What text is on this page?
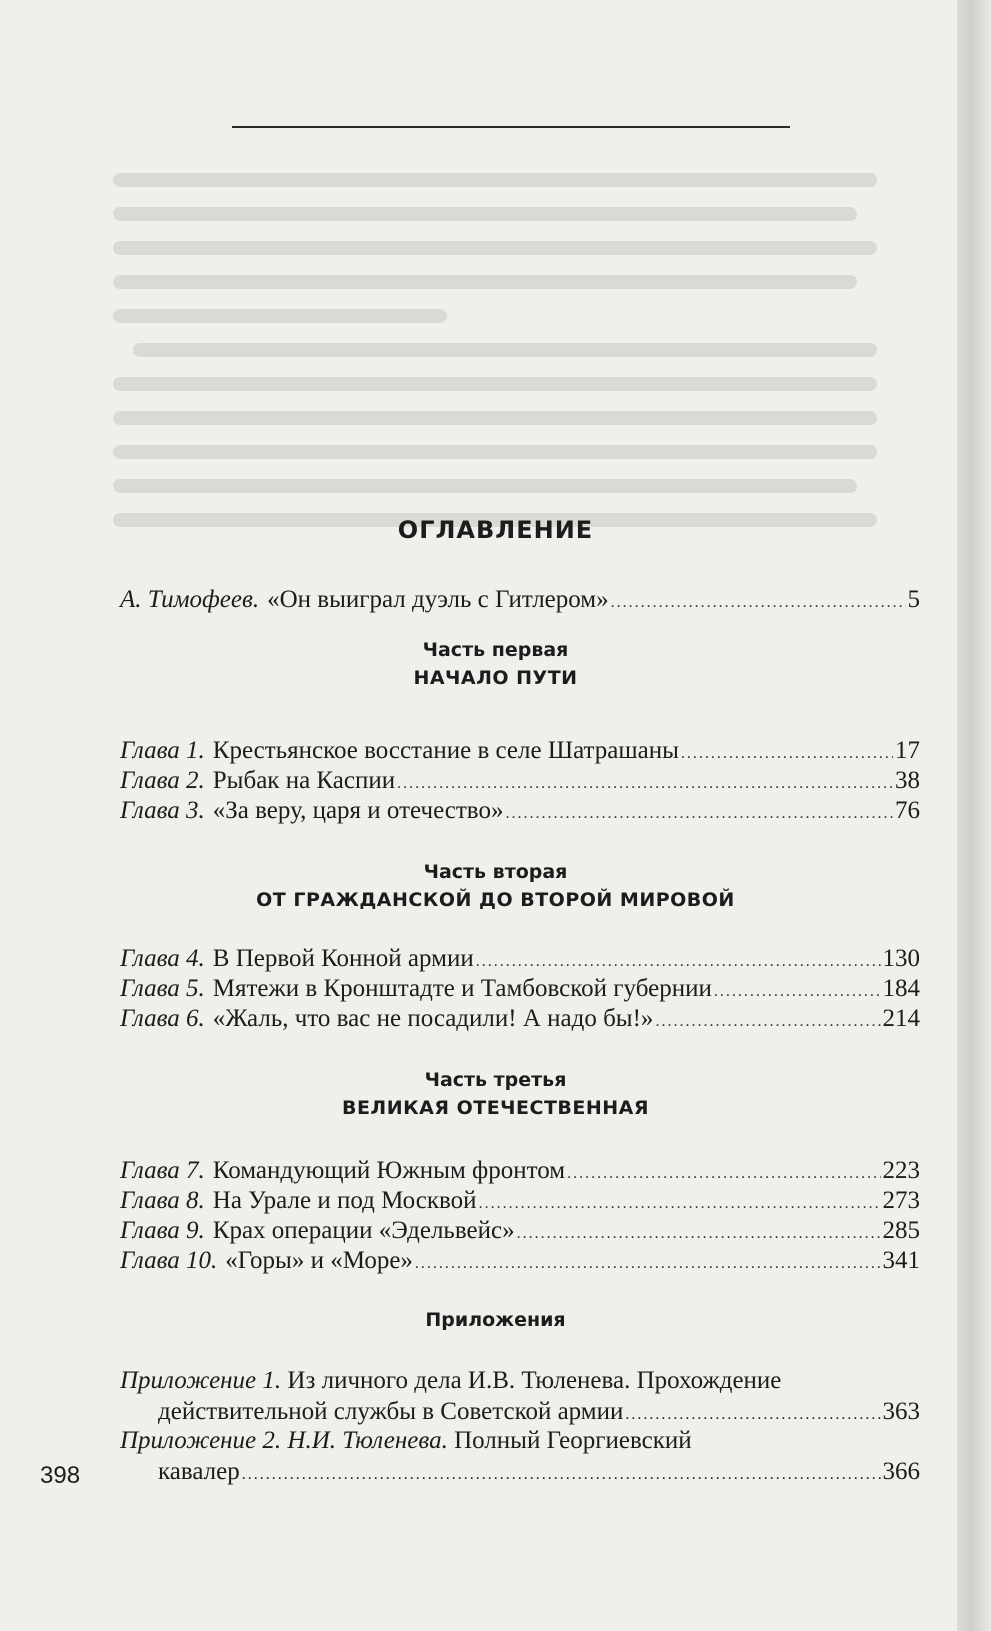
ОГЛАВЛЕНИЕ
А. Тимофеев. «Он выиграл дуэль с Гитлером» . . .	5
Часть первая
НАЧАЛО ПУТИ
Глава 1. Крестьянское восстание в селе Шатрашаны . . .	17
Глава 2. Рыбак на Каспии . . .	38
Глава 3. «За веру, царя и отечество» . . .	76
Часть вторая
ОТ ГРАЖДАНСКОЙ ДО ВТОРОЙ МИРОВОЙ
Глава 4. В Первой Конной армии . . .	130
Глава 5. Мятежи в Кронштадте и Тамбовской губернии . . .	184
Глава 6. «Жаль, что вас не посадили! А надо бы!» . . .	214
Часть третья
ВЕЛИКАЯ ОТЕЧЕСТВЕННАЯ
Глава 7. Командующий Южным фронтом . . .	223
Глава 8. На Урале и под Москвой . . .	273
Глава 9. Крах операции «Эдельвейс» . . .	285
Глава 10. «Горы» и «Море» . . .	341
Приложения
Приложение 1. Из личного дела И.В. Тюленева. Прохождение
действительной службы в Советской армии . . .	363
Приложение 2. Н.И. Тюленева. Полный Георгиевский
кавалер . . .	366
398
